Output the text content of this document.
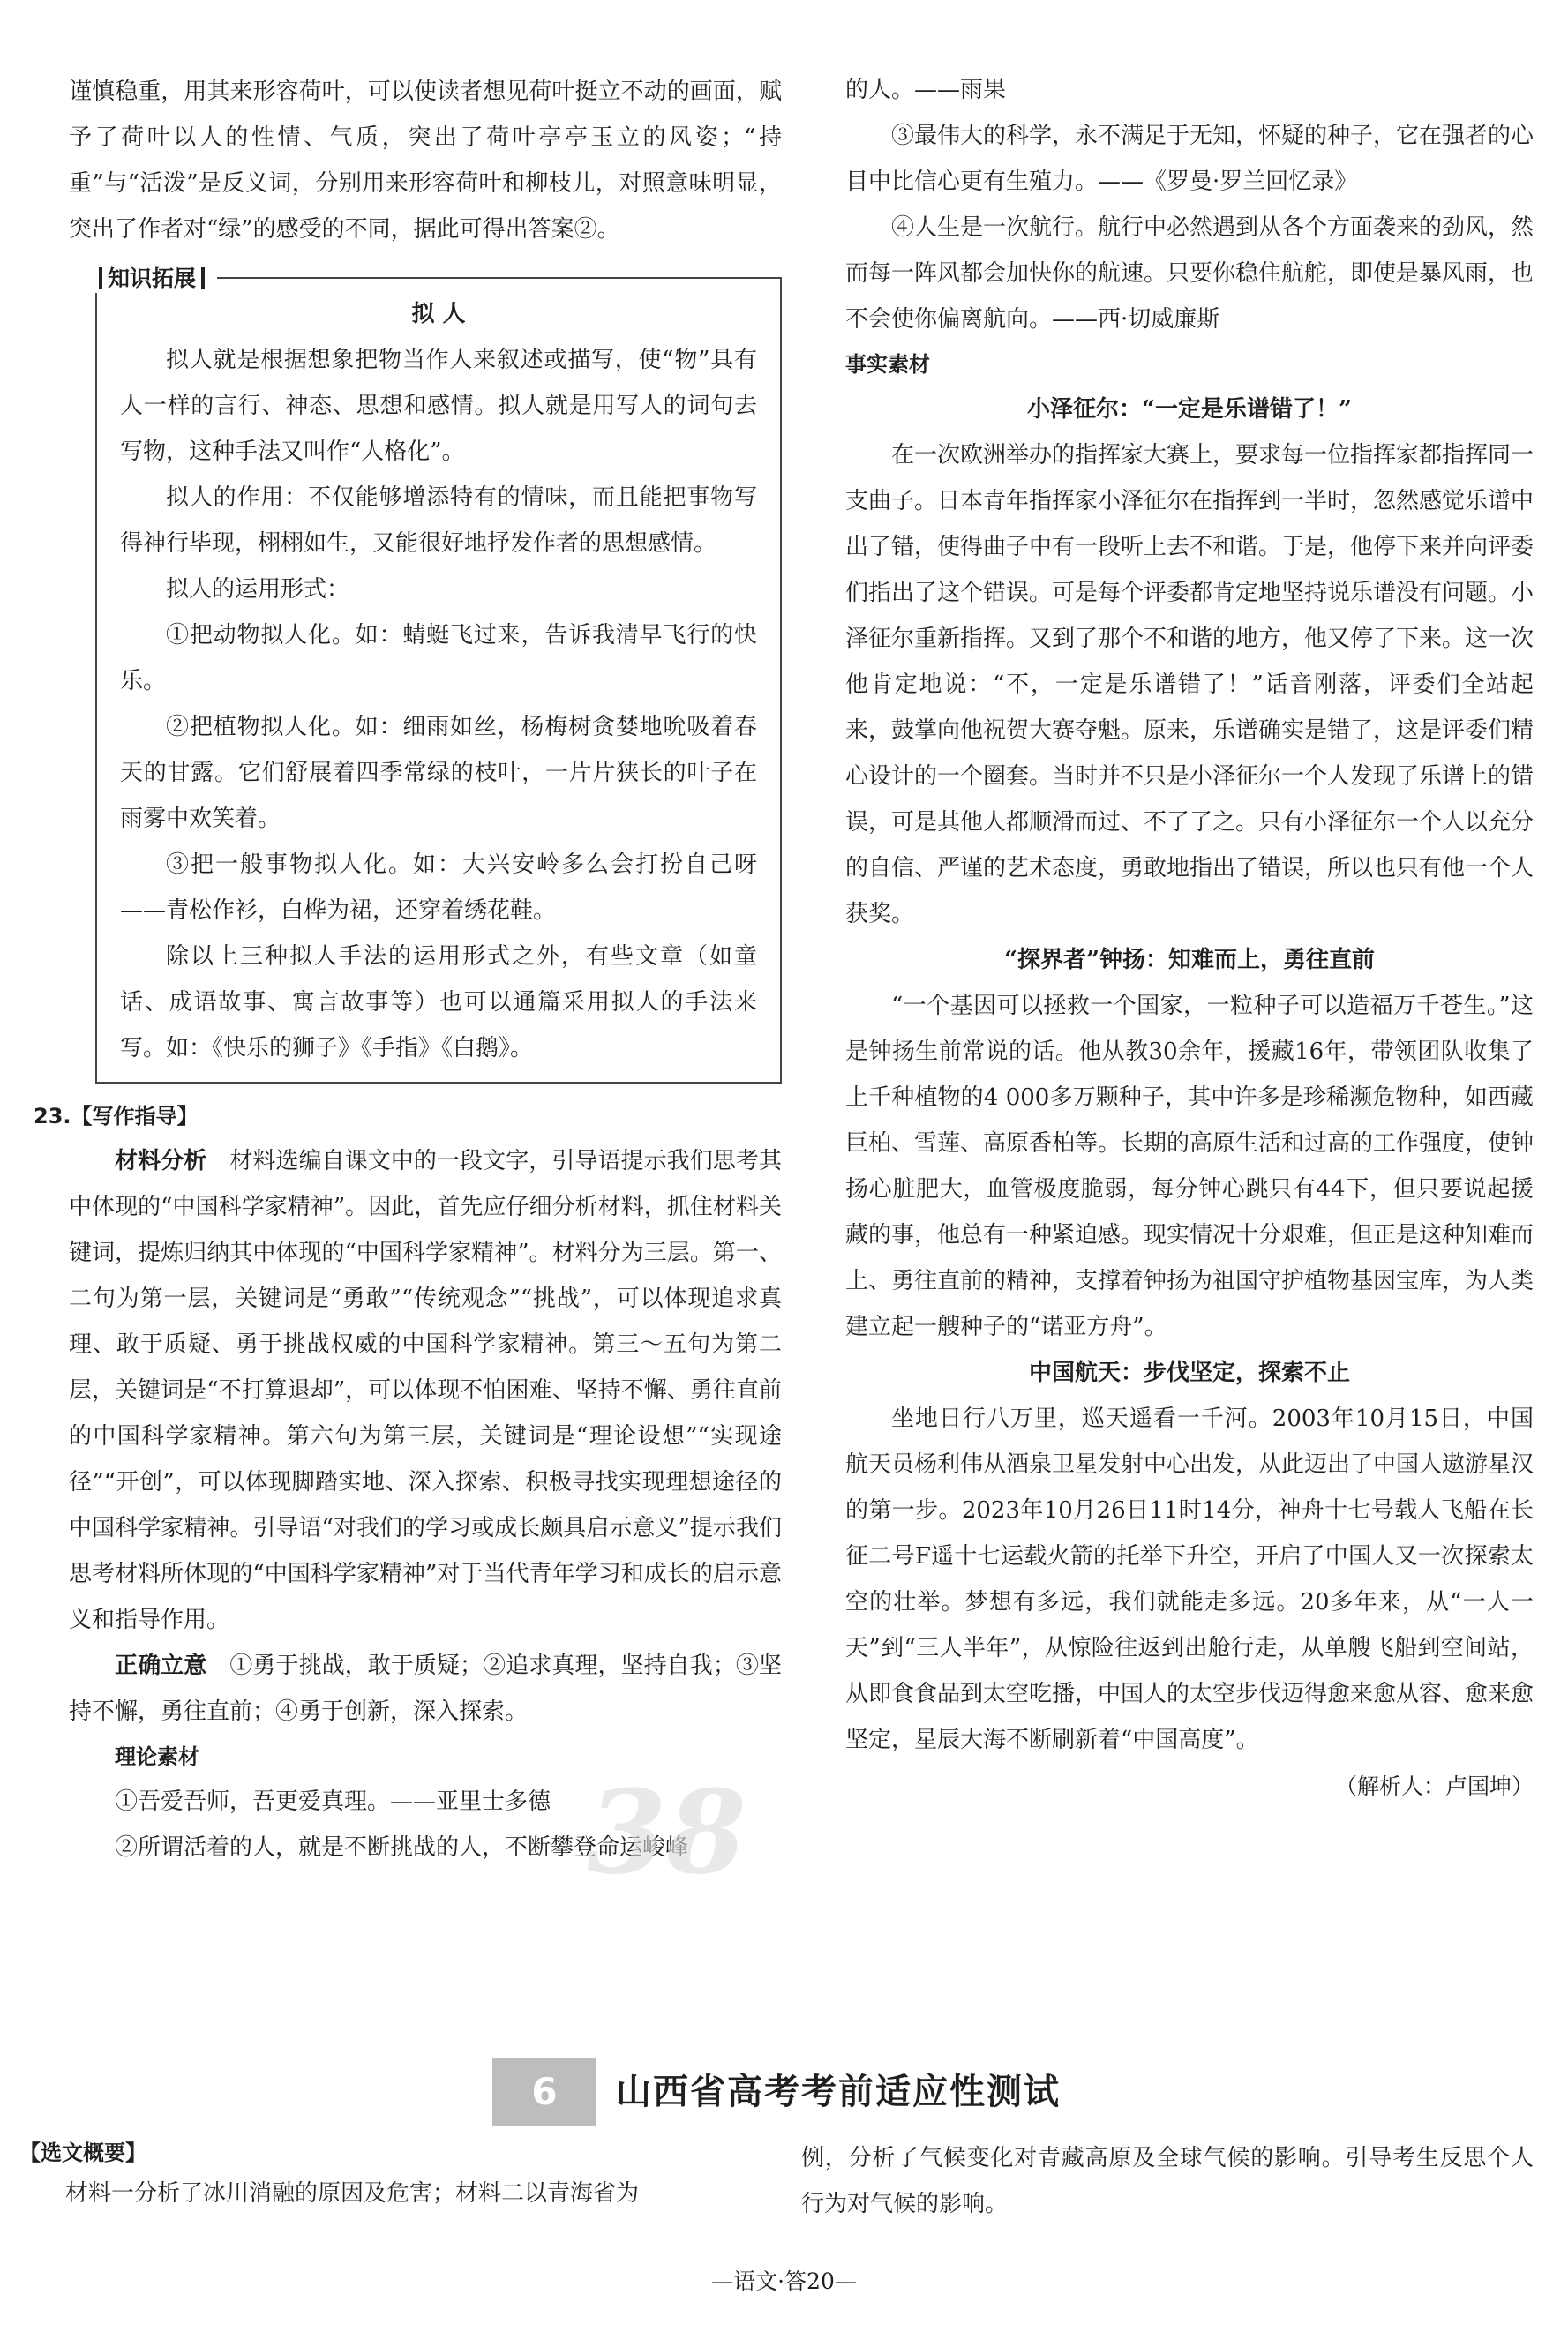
谨慎稳重，用其来形容荷叶，可以使读者想见荷叶挺立不动的画面，赋予了荷叶以人的性情、气质，突出了荷叶亭亭玉立的风姿；“持重”与“活泼”是反义词，分别用来形容荷叶和柳枝儿，对照意味明显，突出了作者对“绿”的感受的不同，据此可得出答案②。

知识拓展
拟 人

拟人就是根据想象把物当作人来叙述或描写，使“物”具有人一样的言行、神态、思想和感情。拟人就是用写人的词句去写物，这种手法又叫作“人格化”。

拟人的作用：不仅能够增添特有的情味，而且能把事物写得神行毕现，栩栩如生，又能很好地抒发作者的思想感情。

拟人的运用形式：

①把动物拟人化。如：蜻蜓飞过来，告诉我清早飞行的快乐。

②把植物拟人化。如：细雨如丝，杨梅树贪婪地吮吸着春天的甘露。它们舒展着四季常绿的枝叶，一片片狭长的叶子在雨雾中欢笑着。

③把一般事物拟人化。如：大兴安岭多么会打扮自己呀——青松作衫，白桦为裙，还穿着绣花鞋。

除以上三种拟人手法的运用形式之外，有些文章（如童话、成语故事、寓言故事等）也可以通篇采用拟人的手法来写。如：《快乐的狮子》《手指》《白鹅》。

23.【写作指导】

材料分析　 材料选编自课文中的一段文字，引导语提示我们思考其中体现的“中国科学家精神”。因此，首先应仔细分析材料，抓住材料关键词，提炼归纳其中体现的“中国科学家精神”。材料分为三层。第一、二句为第一层，关键词是“勇敢”“传统观念”“挑战”，可以体现追求真理、敢于质疑、勇于挑战权威的中国科学家精神。第三～五句为第二层，关键词是“不打算退却”，可以体现不怕困难、坚持不懈、勇往直前的中国科学家精神。第六句为第三层，关键词是“理论设想”“实现途径”“开创”，可以体现脚踏实地、深入探索、积极寻找实现理想途径的中国科学家精神。引导语“对我们的学习或成长颇具启示意义”提示我们思考材料所体现的“中国科学家精神”对于当代青年学习和成长的启示意义和指导作用。

正确立意　 ①勇于挑战，敢于质疑；②追求真理，坚持自我；③坚持不懈，勇往直前；④勇于创新，深入探索。

理论素材

①吾爱吾师，吾更爱真理。——亚里士多德

②所谓活着的人，就是不断挑战的人，不断攀登命运峻峰

38

的人。——雨果

③最伟大的科学，永不满足于无知，怀疑的种子，它在强者的心目中比信心更有生殖力。——《罗曼·罗兰回忆录》

④人生是一次航行。航行中必然遇到从各个方面袭来的劲风，然而每一阵风都会加快你的航速。只要你稳住航舵，即使是暴风雨，也不会使你偏离航向。——西·切威廉斯

事实素材
小泽征尔：“一定是乐谱错了！”

在一次欧洲举办的指挥家大赛上，要求每一位指挥家都指挥同一支曲子。日本青年指挥家小泽征尔在指挥到一半时，忽然感觉乐谱中出了错，使得曲子中有一段听上去不和谐。于是，他停下来并向评委们指出了这个错误。可是每个评委都肯定地坚持说乐谱没有问题。小泽征尔重新指挥。又到了那个不和谐的地方，他又停了下来。这一次他肯定地说：“不，一定是乐谱错了！”话音刚落，评委们全站起来，鼓掌向他祝贺大赛夺魁。原来，乐谱确实是错了，这是评委们精心设计的一个圈套。当时并不只是小泽征尔一个人发现了乐谱上的错误，可是其他人都顺滑而过、不了了之。只有小泽征尔一个人以充分的自信、严谨的艺术态度，勇敢地指出了错误，所以也只有他一个人获奖。

“探界者”钟扬：知难而上，勇往直前

“一个基因可以拯救一个国家，一粒种子可以造福万千苍生。”这是钟扬生前常说的话。他从教30余年，援藏16年，带领团队收集了上千种植物的4 000多万颗种子，其中许多是珍稀濒危物种，如西藏巨柏、雪莲、高原香柏等。长期的高原生活和过高的工作强度，使钟扬心脏肥大，血管极度脆弱，每分钟心跳只有44下，但只要说起援藏的事，他总有一种紧迫感。现实情况十分艰难，但正是这种知难而上、勇往直前的精神，支撑着钟扬为祖国守护植物基因宝库，为人类建立起一艘种子的“诺亚方舟”。

中国航天：步伐坚定，探索不止

坐地日行八万里，巡天遥看一千河。2003年10月15日，中国航天员杨利伟从酒泉卫星发射中心出发，从此迈出了中国人遨游星汉的第一步。2023年10月26日11时14分，神舟十七号载人飞船在长征二号F遥十七运载火箭的托举下升空，开启了中国人又一次探索太空的壮举。梦想有多远，我们就能走多远。20多年来，从“一人一天”到“三人半年”，从惊险往返到出舱行走，从单艘飞船到空间站，从即食食品到太空吃播，中国人的太空步伐迈得愈来愈从容、愈来愈坚定，星辰大海不断刷新着“中国高度”。

（解析人：卢国坤）
6	山西省高考考前适应性测试
【选文概要】

材料一分析了冰川消融的原因及危害；材料二以青海省为

例，分析了气候变化对青藏高原及全球气候的影响。引导考生反思个人行为对气候的影响。

—语文·答20—
